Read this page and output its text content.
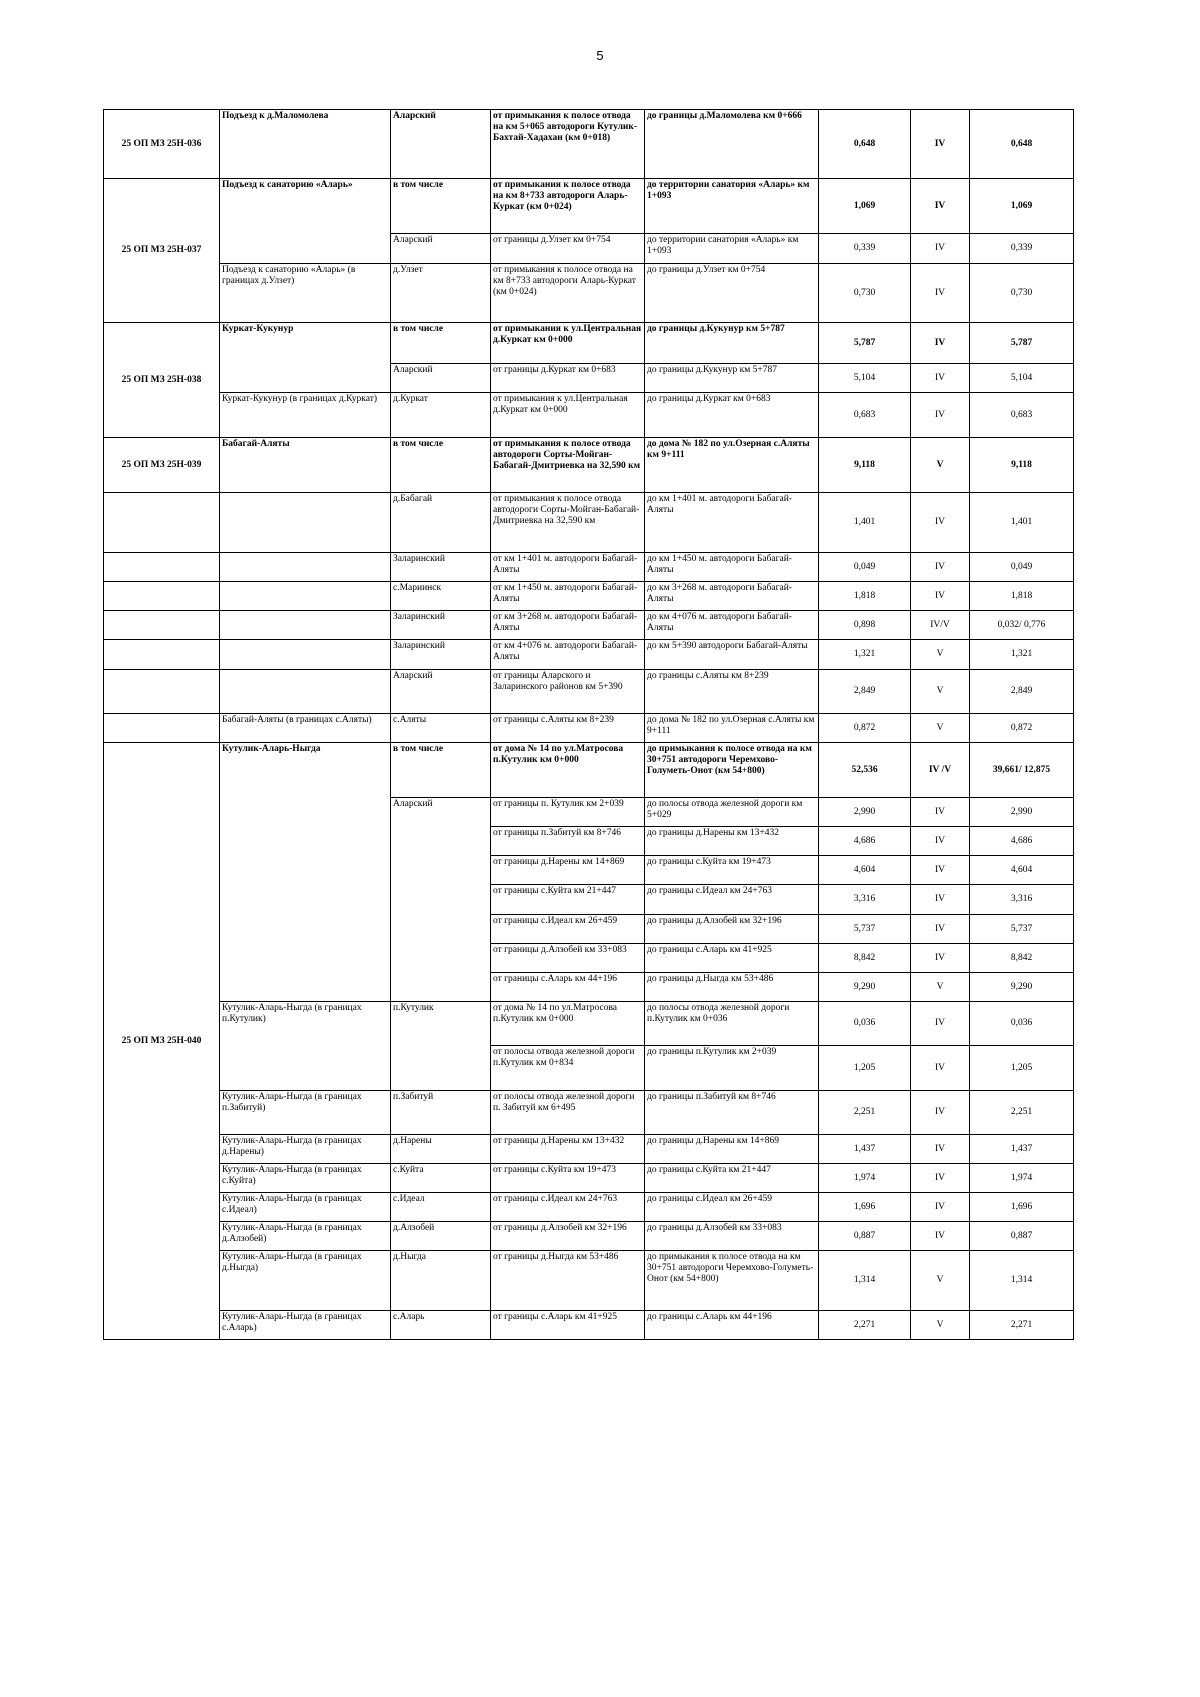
5
25 ОП МЗ 25Н-036	Подъезд к д.Маломолева	Аларский	от примыкания к полосе отвода на км 5+065 автодороги Кутулик-Бахтай-Хадахан (км 0+018)	до границы д.Маломолева км 0+666	0,648	IV	0,648
25 ОП МЗ 25Н-037	Подъезд к санаторию «Аларь»	в том числе	от примыкания к полосе отвода на км 8+733 автодороги Аларь-Куркат (км 0+024)	до территории санатория «Аларь» км 1+093	1,069	IV	1,069
		Аларский	от границы д.Улзет км 0+754	до территории санатория «Аларь» км 1+093	0,339	IV	0,339
	Подъезд к санаторию «Аларь» (в границах д.Улзет)	д.Улзет	от примыкания к полосе отвода на км 8+733 автодороги Аларь-Куркат (км 0+024)	до границы д.Улзет км 0+754	0,730	IV	0,730
25 ОП МЗ 25Н-038	Куркат-Кукунур	в том числе	от примыкания к ул.Центральная д.Куркат км 0+000	до границы д.Кукунур км 5+787	5,787	IV	5,787
		Аларский	от границы д.Куркат км 0+683	до границы д.Кукунур км 5+787	5,104	IV	5,104
	Куркат-Кукунур (в границах д.Куркат)	д.Куркат	от примыкания к ул.Центральная д.Куркат км 0+000	до границы д.Куркат км 0+683	0,683	IV	0,683
25 ОП МЗ 25Н-039	Бабагай-Аляты	в том числе	от примыкания к полосе отвода автодороги Сорты-Мойган-Бабагай-Дмитриевка на 32,590 км	до дома № 182 по ул.Озерная с.Аляты км 9+111	9,118	V	9,118
		д.Бабагай	от примыкания к полосе отвода автодороги Сорты-Мойган-Бабагай-Дмитриевка на 32,590 км	до км 1+401 м. автодороги Бабагай-Аляты	1,401	IV	1,401
		Заларинский	от км 1+401 м. автодороги Бабагай-Аляты	до км 1+450 м. автодороги Бабагай-Аляты	0,049	IV	0,049
		с.Мариинск	от км 1+450 м. автодороги Бабагай-Аляты	до км 3+268 м. автодороги Бабагай-Аляты	1,818	IV	1,818
		Заларинский	от км 3+268 м. автодороги Бабагай-Аляты	до км 4+076 м. автодороги Бабагай-Аляты	0,898	IV/V	0,032/ 0,776
		Заларинский	от км 4+076 м. автодороги Бабагай-Аляты	до км 5+390 автодороги Бабагай-Аляты	1,321	V	1,321
		Аларский	от границы Аларского и Заларинского районов км 5+390	до границы с.Аляты км 8+239	2,849	V	2,849
	Бабагай-Аляты (в границах с.Аляты)	с.Аляты	от границы с.Аляты км 8+239	до дома № 182 по ул.Озерная с.Аляты км 9+111	0,872	V	0,872
25 ОП МЗ 25Н-040	Кутулик-Аларь-Ныгда	в том числе	от дома № 14 по ул.Матросова п.Кутулик км 0+000	до примыкания к полосе отвода на км 30+751 автодороги Черемхово-Голуметь-Онот (км 54+800)	52,536	IV /V	39,661/ 12,875
		Аларский	от границы п. Кутулик км 2+039	до полосы отвода железной дороги км 5+029	2,990	IV	2,990
			от границы п.Забитуй км 8+746	до границы д.Нарены км 13+432	4,686	IV	4,686
			от границы д.Нарены км 14+869	до границы с.Куйта км 19+473	4,604	IV	4,604
			от границы с.Куйта км 21+447	до границы с.Идеал км 24+763	3,316	IV	3,316
			от границы с.Идеал км 26+459	до границы д.Алзобей км 32+196	5,737	IV	5,737
			от границы д.Алзобей км 33+083	до границы с.Аларь км 41+925	8,842	IV	8,842
			от границы с.Аларь км 44+196	до границы д.Ныгда км 53+486	9,290	V	9,290
	Кутулик-Аларь-Ныгда (в границах п.Кутулик)	п.Кутулик	от дома № 14 по ул.Матросова п.Кутулик км 0+000	до полосы отвода железной дороги п.Кутулик км 0+036	0,036	IV	0,036
			от полосы отвода железной дороги п.Кутулик км 0+834	до границы п.Кутулик км 2+039	1,205	IV	1,205
	Кутулик-Аларь-Ныгда (в границах п.Забитуй)	п.Забитуй	от полосы отвода железной дороги п. Забитуй км 6+495	до границы п.Забитуй км 8+746	2,251	IV	2,251
	Кутулик-Аларь-Ныгда (в границах д.Нарены)	д.Нарены	от границы д.Нарены км 13+432	до границы д.Нарены км 14+869	1,437	IV	1,437
	Кутулик-Аларь-Ныгда (в границах с.Куйта)	с.Куйта	от границы с.Куйта км 19+473	до границы с.Куйта км 21+447	1,974	IV	1,974
	Кутулик-Аларь-Ныгда (в границах с.Идеал)	с.Идеал	от границы с.Идеал км 24+763	до границы с.Идеал км 26+459	1,696	IV	1,696
	Кутулик-Аларь-Ныгда (в границах д.Алзобей)	д.Алзобей	от границы д.Алзобей км 32+196	до границы д.Алзобей км 33+083	0,887	IV	0,887
	Кутулик-Аларь-Ныгда (в границах д.Ныгда)	д.Ныгда	от границы д.Ныгда км 53+486	до примыкания к полосе отвода на км 30+751 автодороги Черемхово-Голуметь-Онот (км 54+800)	1,314	V	1,314
	Кутулик-Аларь-Ныгда (в границах с.Аларь)	с.Аларь	от границы с.Аларь км 41+925	до границы с.Аларь км 44+196	2,271	V	2,271
